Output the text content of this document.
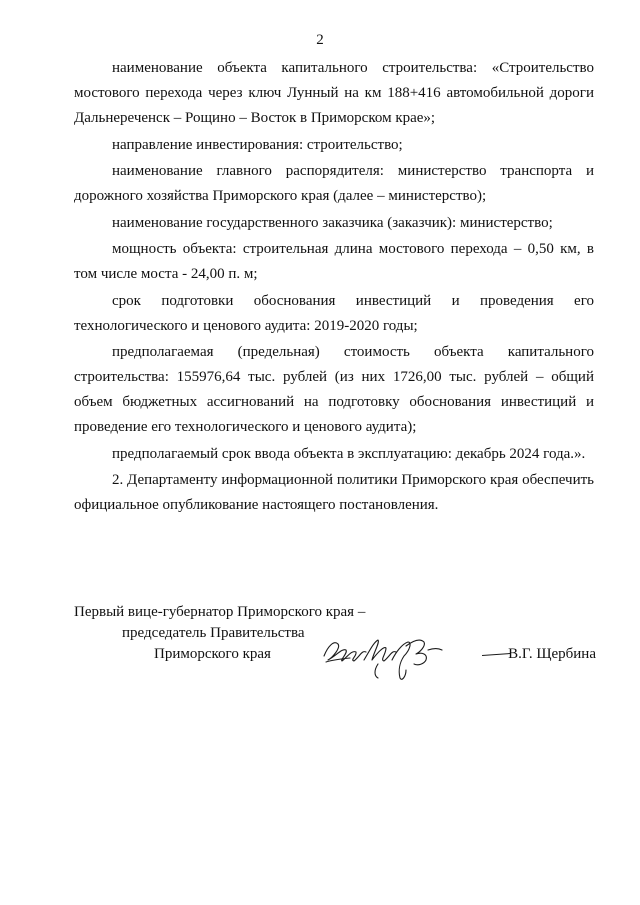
2

наименование объекта капитального строительства: «Строительство мостового перехода через ключ Лунный на км 188+416 автомобильной дороги Дальнереченск – Рощино – Восток в Приморском крае»;

направление инвестирования: строительство;

наименование главного распорядителя: министерство транспорта и дорожного хозяйства Приморского края (далее – министерство);

наименование государственного заказчика (заказчик): министерство;

мощность объекта: строительная длина мостового перехода – 0,50 км, в том числе моста - 24,00 п. м;

срок подготовки обоснования инвестиций и проведения его технологического и ценового аудита: 2019-2020 годы;

предполагаемая (предельная) стоимость объекта капитального строительства: 155976,64 тыс. рублей (из них 1726,00 тыс. рублей – общий объем бюджетных ассигнований на подготовку обоснования инвестиций и проведение его технологического и ценового аудита);

предполагаемый срок ввода объекта в эксплуатацию: декабрь 2024 года.».

2. Департаменту информационной политики Приморского края обеспечить официальное опубликование настоящего постановления.

Первый вице-губернатор Приморского края –
председатель Правительства
Приморского края	В.Г. Щербина
